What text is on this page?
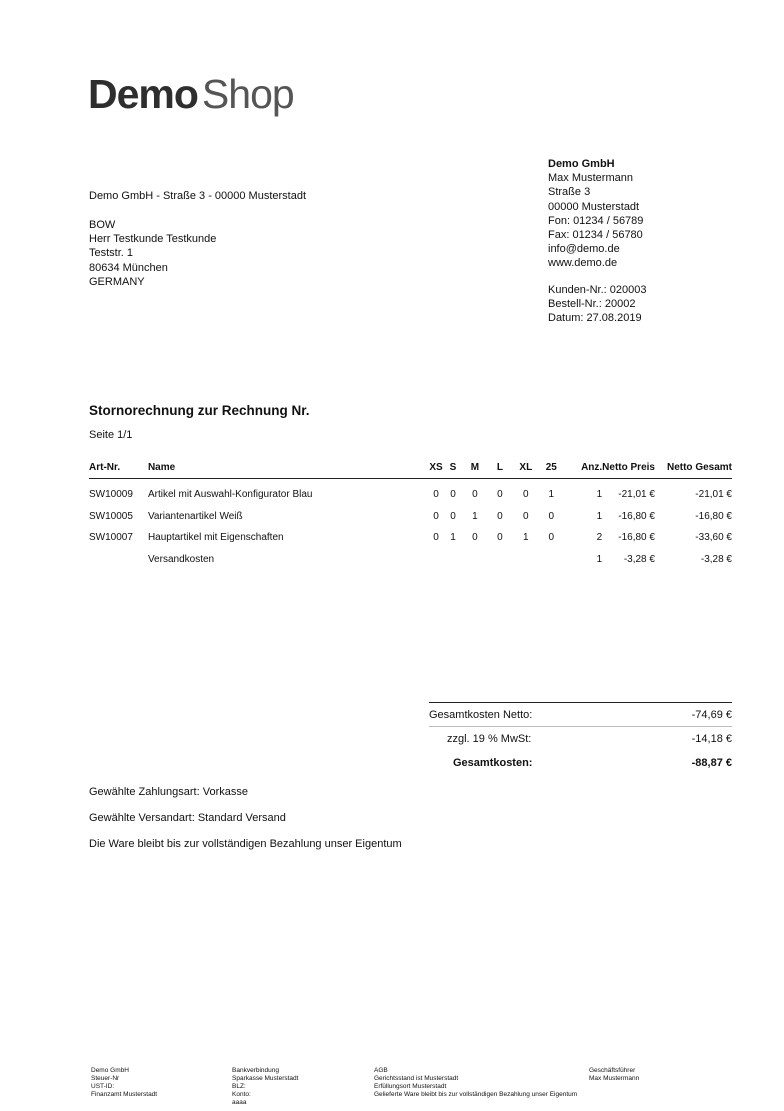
DemoShop
Demo GmbH - Straße 3 - 00000 Musterstadt
BOW
Herr Testkunde Testkunde
Teststr. 1
80634 München
GERMANY
Demo GmbH
Max Mustermann
Straße 3
00000 Musterstadt
Fon: 01234 / 56789
Fax: 01234 / 56780
info@demo.de
www.demo.de
Kunden-Nr.: 020003
Bestell-Nr.: 20002
Datum: 27.08.2019
Stornorechnung zur Rechnung Nr.
Seite 1/1
Art-Nr.	Name	XS	S	M	L	XL	25	Anz.	Netto Preis	Netto Gesamt

SW10009	Artikel mit Auswahl-Konfigurator Blau	0	0	0	0	0	1	1	-21,01 €	-21,01 €
SW10005	Variantenartikel Weiß	0	0	1	0	0	0	1	-16,80 €	-16,80 €
SW10007	Hauptartikel mit Eigenschaften	0	1	0	0	1	0	2	-16,80 €	-33,60 €
	Versandkosten							1	-3,28 €	-3,28 €
Gesamtkosten Netto:	-74,69 €
zzgl. 19 % MwSt:	-14,18 €
Gesamtkosten:	-88,87 €
Gewählte Zahlungsart: Vorkasse
Gewählte Versandart: Standard Versand
Die Ware bleibt bis zur vollständigen Bezahlung unser Eigentum
Demo GmbH
Steuer-Nr
UST-ID:
Finanzamt Musterstadt
Bankverbindung
Sparkasse Musterstadt
BLZ:
Konto:
aaaa
AGB
Gerichtsstand ist Musterstadt
Erfüllungsort Musterstadt
Gelieferte Ware bleibt bis zur vollständigen Bezahlung unser Eigentum
Geschäftsführer
Max Mustermann
